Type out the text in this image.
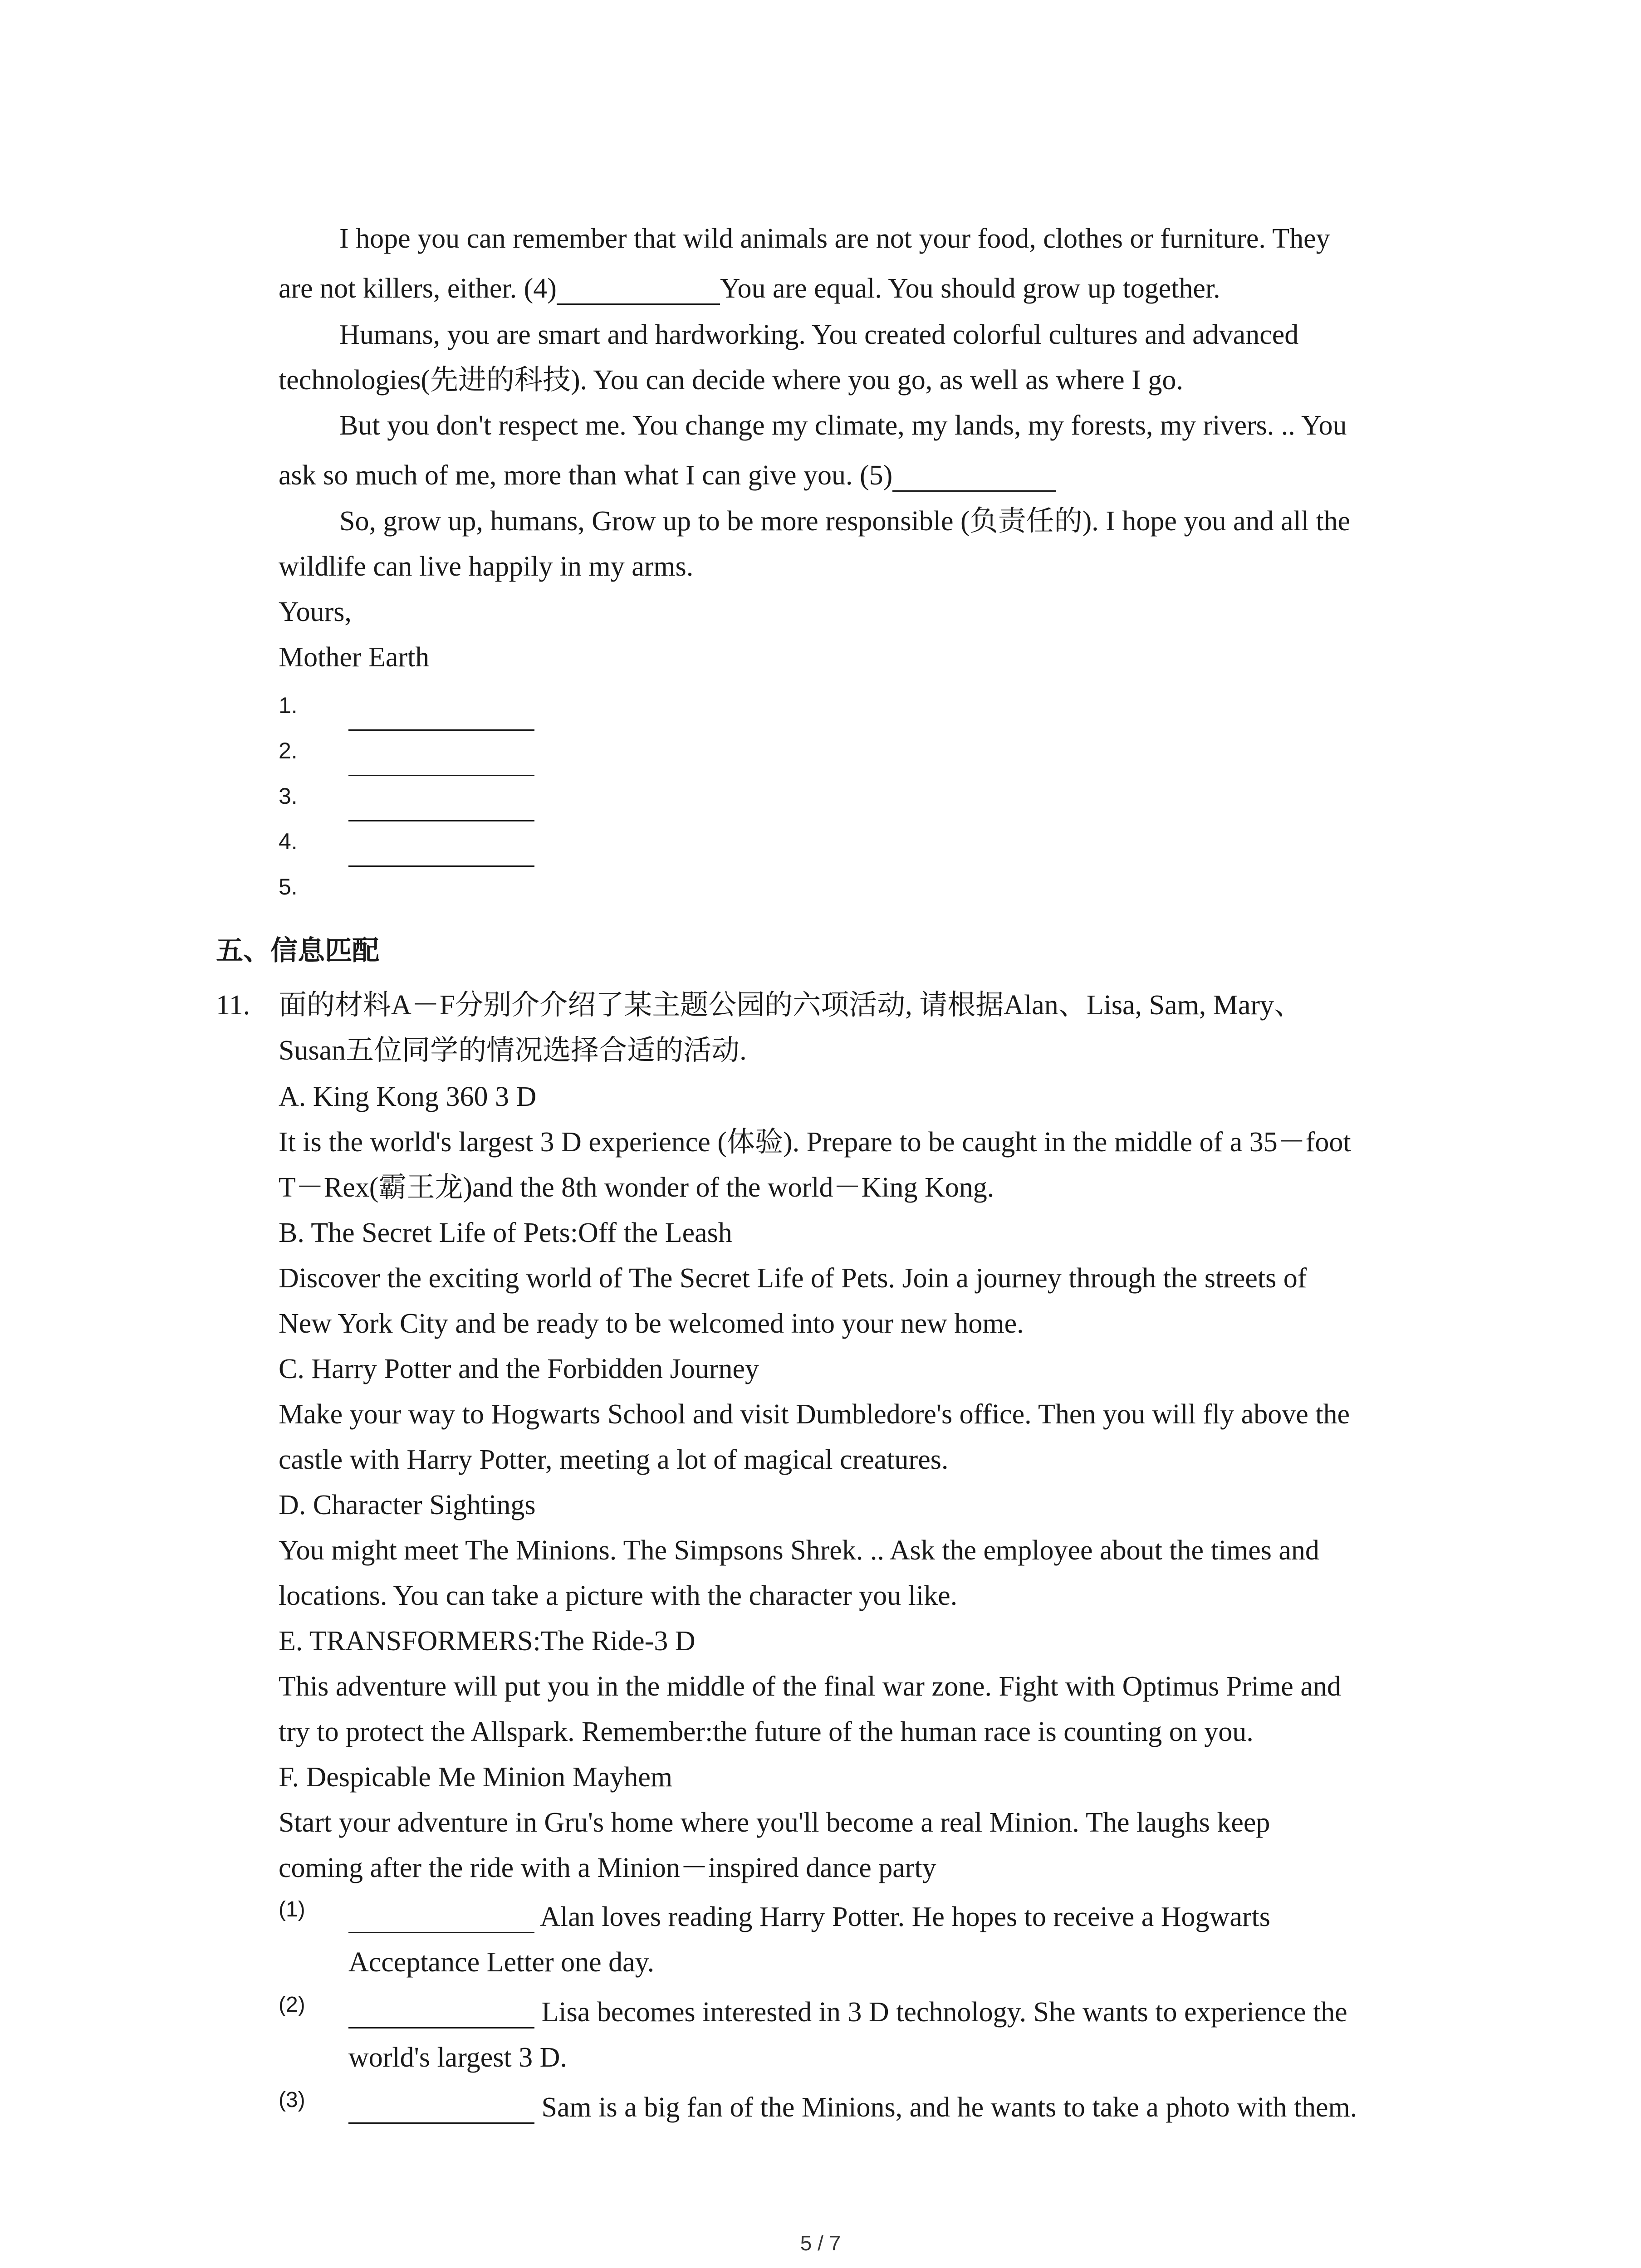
I hope you can remember that wild animals are not your food, clothes or furniture. They
are not killers, either. (4)	You are equal. You should grow up together.
Humans, you are smart and hardworking. You created colorful cultures and advanced
technologies(先进的科技). You can decide where you go, as well as where I go.
But you don't respect me. You change my climate, my lands, my forests, my rivers. .. You
ask so much of me, more than what I can give you. (5)
So, grow up, humans, Grow up to be more responsible (负责任的). I hope you and all the
wildlife can live happily in my arms.
Yours,
Mother Earth
1.
2.
3.
4.
5.
五、信息匹配
11. 面的材料A－F分别介介绍了某主题公园的六项活动, 请根据Alan、Lisa, Sam, Mary、
Susan五位同学的情况选择合适的活动.
A. King Kong 360 3 D
It is the world's largest 3 D experience (体验). Prepare to be caught in the middle of a 35－foot
T－Rex(霸王龙)and the 8th wonder of the world－King Kong.
B. The Secret Life of Pets:Off the Leash
Discover the exciting world of The Secret Life of Pets. Join a journey through the streets of
New York City and be ready to be welcomed into your new home.
C. Harry Potter and the Forbidden Journey
Make your way to Hogwarts School and visit Dumbledore's office. Then you will fly above the
castle with Harry Potter, meeting a lot of magical creatures.
D. Character Sightings
You might meet The Minions. The Simpsons Shrek. .. Ask the employee about the times and
locations. You can take a picture with the character you like.
E. TRANSFORMERS:The Ride-3 D
This adventure will put you in the middle of the final war zone. Fight with Optimus Prime and
try to protect the Allspark. Remember:the future of the human race is counting on you.
F. Despicable Me Minion Mayhem
Start your adventure in Gru's home where you'll become a real Minion. The laughs keep
coming after the ride with a Minion－inspired dance party
(1)	Alan loves reading Harry Potter. He hopes to receive a Hogwarts
Acceptance Letter one day.
(2)	Lisa becomes interested in 3 D technology. She wants to experience the
world's largest 3 D.
(3)	Sam is a big fan of the Minions, and he wants to take a photo with them.
5 / 7
